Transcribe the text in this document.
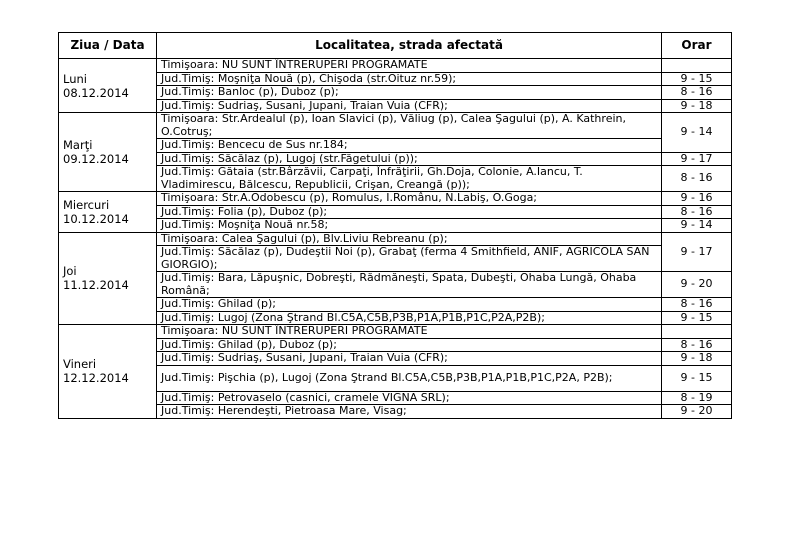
Ziua / Data	Localitatea, strada afectată	Orar
Luni
08.12.2014	Timişoara: NU SUNT ÎNTRERUPERI PROGRAMATE	
	Jud.Timiş: Moşniţa Nouă (p), Chişoda (str.Oituz nr.59);	9 - 15
	Jud.Timiş: Banloc (p), Duboz (p);	8 - 16
	Jud.Timiş: Sudriaş, Susani, Jupani, Traian Vuia (CFR);	9 - 18
Marţi
09.12.2014	Timişoara: Str.Ardealul (p), Ioan Slavici (p), Văliug (p), Calea Şagului (p), A. Kathrein, O.Cotruş;	9 - 14
	Jud.Timiş: Bencecu de Sus nr.184;	
	Jud.Timiş: Săcălaz (p), Lugoj (str.Făgetului (p));	9 - 17
	Jud.Timiş: Gătaia (str.Bârzăvii, Carpaţi, Înfrăţirii, Gh.Doja, Colonie, A.Iancu, T. Vladimirescu, Bălcescu, Republicii, Crişan, Creangă (p));	8 - 16
Miercuri
10.12.2014	Timişoara: Str.A.Odobescu (p), Romulus, I.Românu, N.Labiş, O.Goga;	9 - 16
	Jud.Timiş: Folia (p), Duboz (p);	8 - 16
	Jud.Timiş: Moşniţa Nouă nr.58;	9 - 14
Joi
11.12.2014	Timişoara: Calea Şagului (p), Blv.Liviu Rebreanu (p);	9 - 17
	Jud.Timiş: Săcălaz (p), Dudeştii Noi (p), Grabaţ (ferma 4 Smithfield, ANIF, AGRICOLA SAN GIORGIO);	
	Jud.Timiş: Bara, Lăpuşnic, Dobreşti, Rădmăneşti, Spata, Dubeşti, Ohaba Lungă, Ohaba Română;	9 - 20
	Jud.Timiş: Ghilad (p);	8 - 16
	Jud.Timiş: Lugoj (Zona Ştrand Bl.C5A,C5B,P3B,P1A,P1B,P1C,P2A,P2B);	9 - 15
Vineri
12.12.2014	Timişoara: NU SUNT ÎNTRERUPERI PROGRAMATE	
	Jud.Timiş: Ghilad (p), Duboz (p);	8 - 16
	Jud.Timiş: Sudriaş, Susani, Jupani, Traian Vuia (CFR);	9 - 18
	Jud.Timiş: Pişchia (p), Lugoj (Zona Ştrand Bl.C5A,C5B,P3B,P1A,P1B,P1C,P2A, P2B);	9 - 15
	Jud.Timiş: Petrovaselo (casnici, cramele VIGNA SRL);	8 - 19
	Jud.Timiş: Herendeşti, Pietroasa Mare, Visag;	9 - 20
